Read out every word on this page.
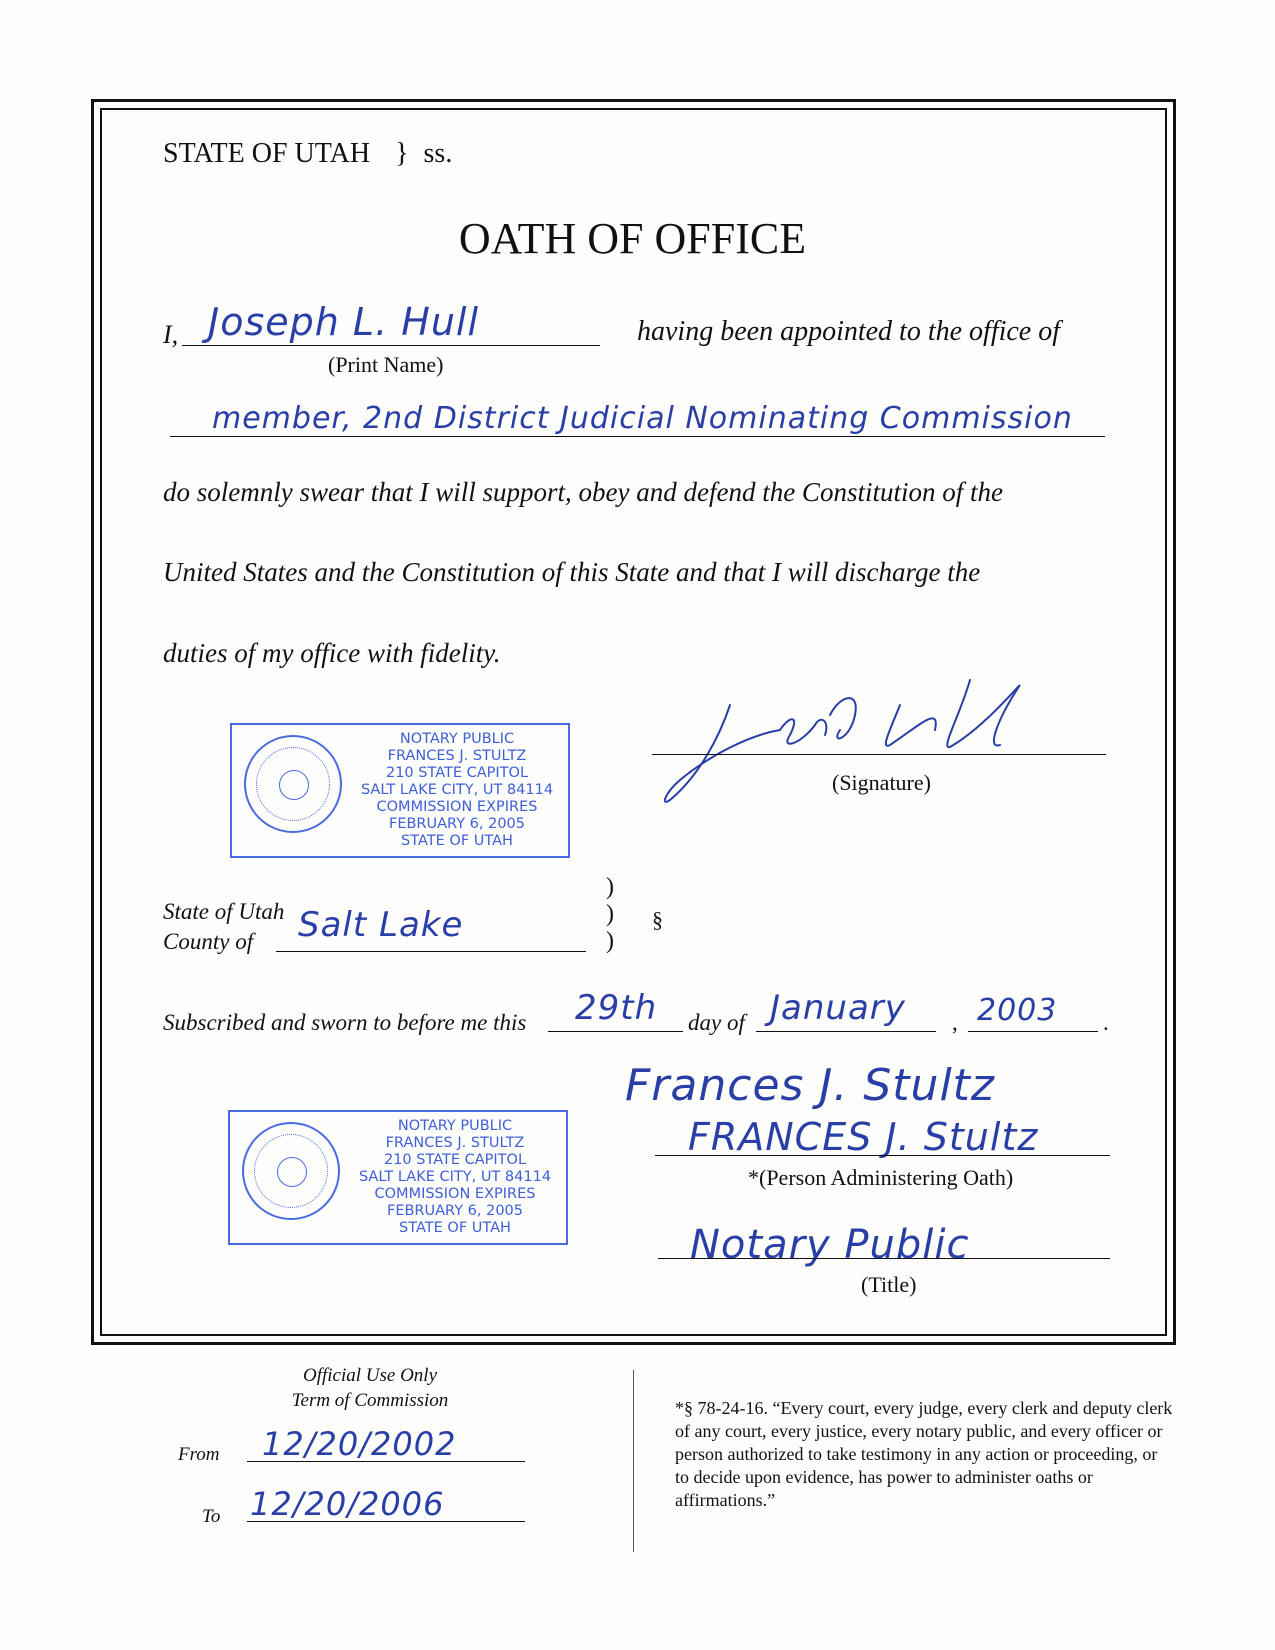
STATE OF UTAH } ss.
OATH OF OFFICE
I, Joseph L. Hull
(Print Name)
having been appointed to the office of
member, 2nd District Judicial Nominating Commission
do solemnly swear that I will support, obey and defend the Constitution of the
United States and the Constitution of this State and that I will discharge the
duties of my office with fidelity.
NOTARY PUBLIC
FRANCES J. STULTZ
210 STATE CAPITOL
SALT LAKE CITY, UT 84114
COMMISSION EXPIRES
FEBRUARY 6, 2005
STATE OF UTAH
(Signature)
State of Utah
County of Salt Lake
)
)
)
§
Subscribed and sworn to before me this 29th day of January , 2003 .
Frances J. Stultz
FRANCES J. Stultz
*(Person Administering Oath)
NOTARY PUBLIC
FRANCES J. STULTZ
210 STATE CAPITOL
SALT LAKE CITY, UT 84114
COMMISSION EXPIRES
FEBRUARY 6, 2005
STATE OF UTAH	Notary Public
(Title)
Official Use Only
Term of Commission
From 12/20/2002
To 12/20/2006
*§ 78-24-16. “Every court, every judge, every clerk and deputy clerk of any court, every justice, every notary public, and every officer or person authorized to take testimony in any action or proceeding, or to decide upon evidence, has power to administer oaths or affirmations.”
